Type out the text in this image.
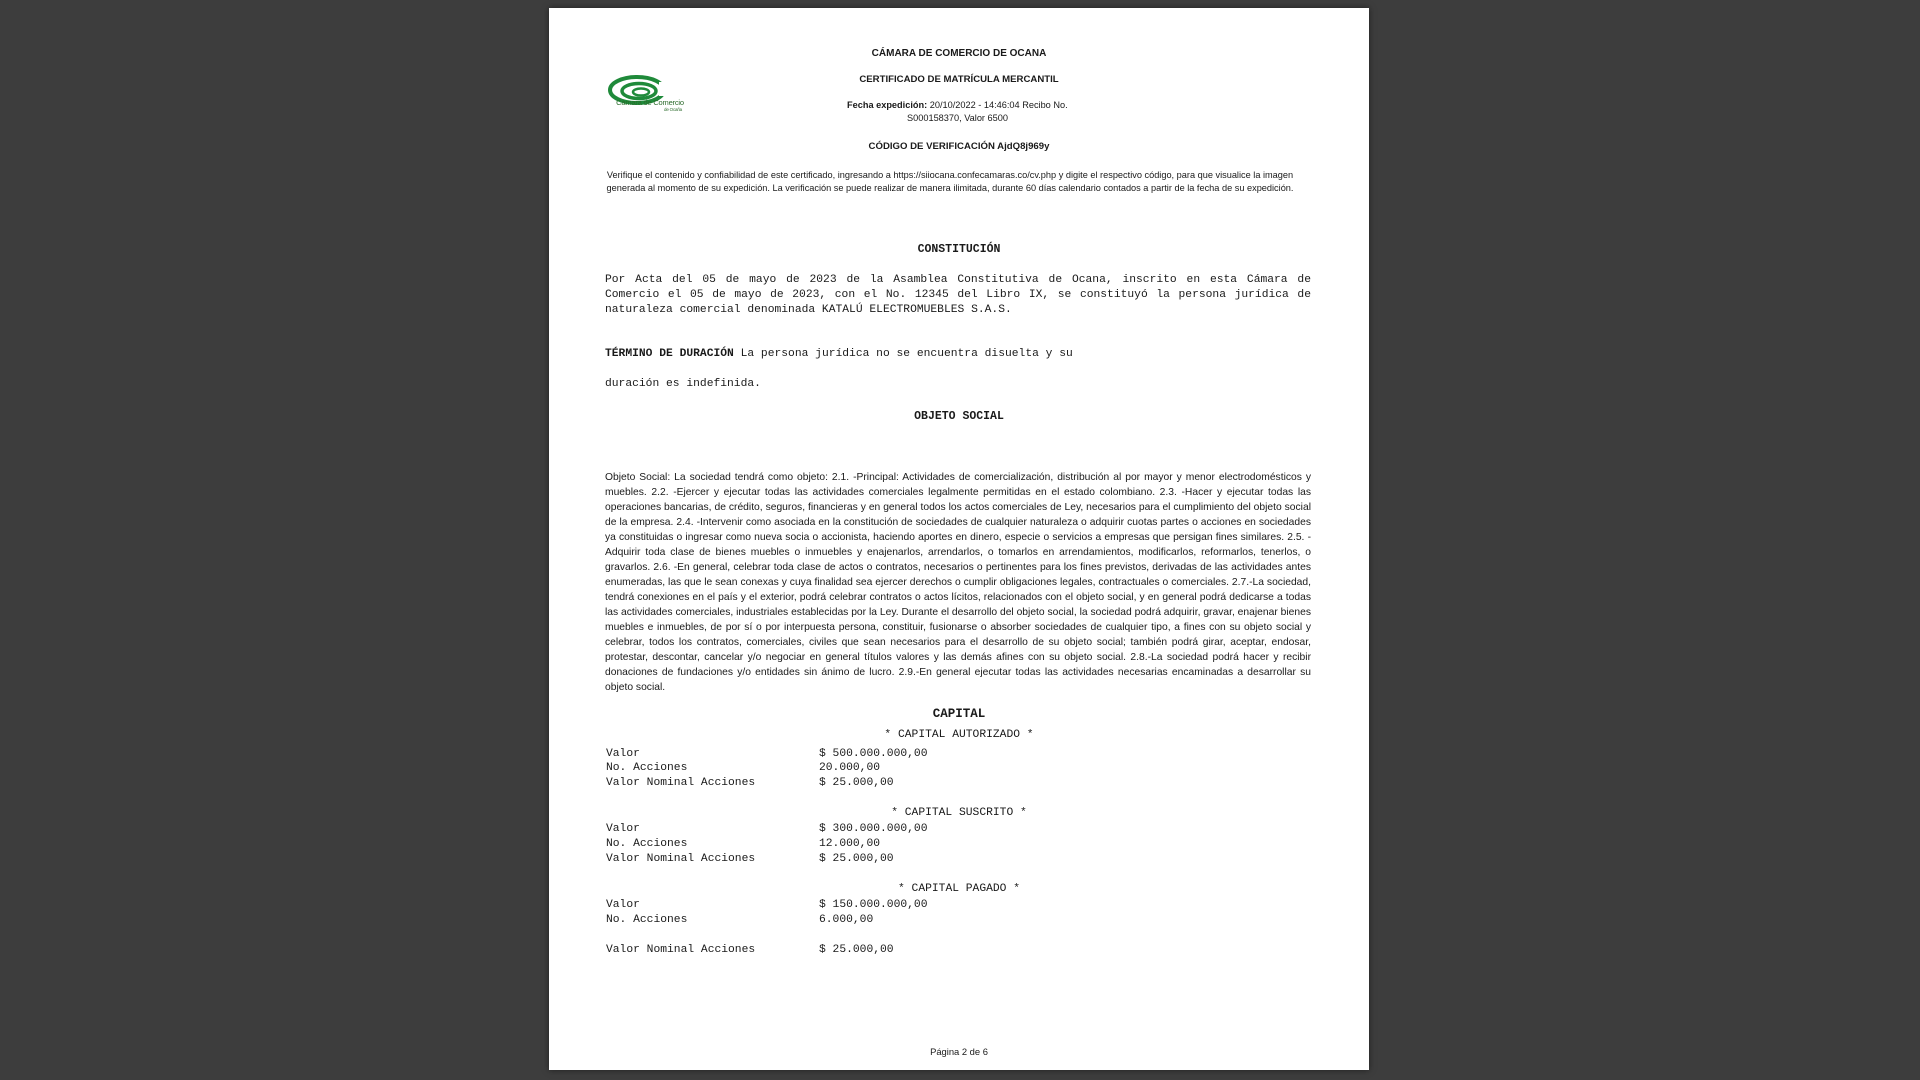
Cámara de Comercio
de Ocaña
CÁMARA DE COMERCIO DE OCANA
CERTIFICADO DE MATRÍCULA MERCANTIL
Fecha expedición: 20/10/2022 - 14:46:04 Recibo No.
S000158370, Valor 6500
CÓDIGO DE VERIFICACIÓN AjdQ8j969y
Verifique el contenido y confiabilidad de este certificado, ingresando a https://siiocana.confecamaras.co/cv.php y digite el respectivo código, para que visualice la imagen generada al momento de su expedición. La verificación se puede realizar de manera ilimitada, durante 60 días calendario contados a partir de la fecha de su expedición.
CONSTITUCIÓN
Por Acta del 05 de mayo de 2023 de la Asamblea Constitutiva de Ocana, inscrito en esta Cámara de Comercio el 05 de mayo de 2023, con el No. 12345 del Libro IX, se constituyó la persona jurídica de naturaleza comercial denominada KATALÚ ELECTROMUEBLES S.A.S.
TÉRMINO DE DURACIÓN La persona jurídica no se encuentra disuelta y su
duración es indefinida.
OBJETO SOCIAL
Objeto Social: La sociedad tendrá como objeto: 2.1. -Principal: Actividades de comercialización, distribución al por mayor y menor electrodomésticos y muebles. 2.2. -Ejercer y ejecutar todas las actividades comerciales legalmente permitidas en el estado colombiano. 2.3. -Hacer y ejecutar todas las operaciones bancarias, de crédito, seguros, financieras y en general todos los actos comerciales de Ley, necesarios para el cumplimiento del objeto social de la empresa. 2.4. -Intervenir como asociada en la constitución de sociedades de cualquier naturaleza o adquirir cuotas partes o acciones en sociedades ya constituidas o ingresar como nueva socia o accionista, haciendo aportes en dinero, especie o servicios a empresas que persigan fines similares. 2.5. -Adquirir toda clase de bienes muebles o inmuebles y enajenarlos, arrendarlos, o tomarlos en arrendamientos, modificarlos, reformarlos, tenerlos, o gravarlos. 2.6. -En general, celebrar toda clase de actos o contratos, necesarios o pertinentes para los fines previstos, derivadas de las actividades antes enumeradas, las que le sean conexas y cuya finalidad sea ejercer derechos o cumplir obligaciones legales, contractuales o comerciales. 2.7.-La sociedad, tendrá conexiones en el país y el exterior, podrá celebrar contratos o actos lícitos, relacionados con el objeto social, y en general podrá dedicarse a todas las actividades comerciales, industriales establecidas por la Ley. Durante el desarrollo del objeto social, la sociedad podrá adquirir, gravar, enajenar bienes muebles e inmuebles, de por sí o por interpuesta persona, constituir, fusionarse o absorber sociedades de cualquier tipo, a fines con su objeto social y celebrar, todos los contratos, comerciales, civiles que sean necesarios para el desarrollo de su objeto social; también podrá girar, aceptar, endosar, protestar, descontar, cancelar y/o negociar en general títulos valores y las demás afines con su objeto social. 2.8.-La sociedad podrá hacer y recibir donaciones de fundaciones y/o entidades sin ánimo de lucro. 2.9.-En general ejecutar todas las actividades necesarias encaminadas a desarrollar su objeto social.
CAPITAL
* CAPITAL AUTORIZADO *
Valor	$ 500.000.000,00
No. Acciones	20.000,00
Valor Nominal Acciones	$ 25.000,00
* CAPITAL SUSCRITO *
Valor	$ 300.000.000,00
No. Acciones	12.000,00
Valor Nominal Acciones	$ 25.000,00
* CAPITAL PAGADO *
Valor	$ 150.000.000,00
No. Acciones	6.000,00
Valor Nominal Acciones	$ 25.000,00
Página 2 de 6
